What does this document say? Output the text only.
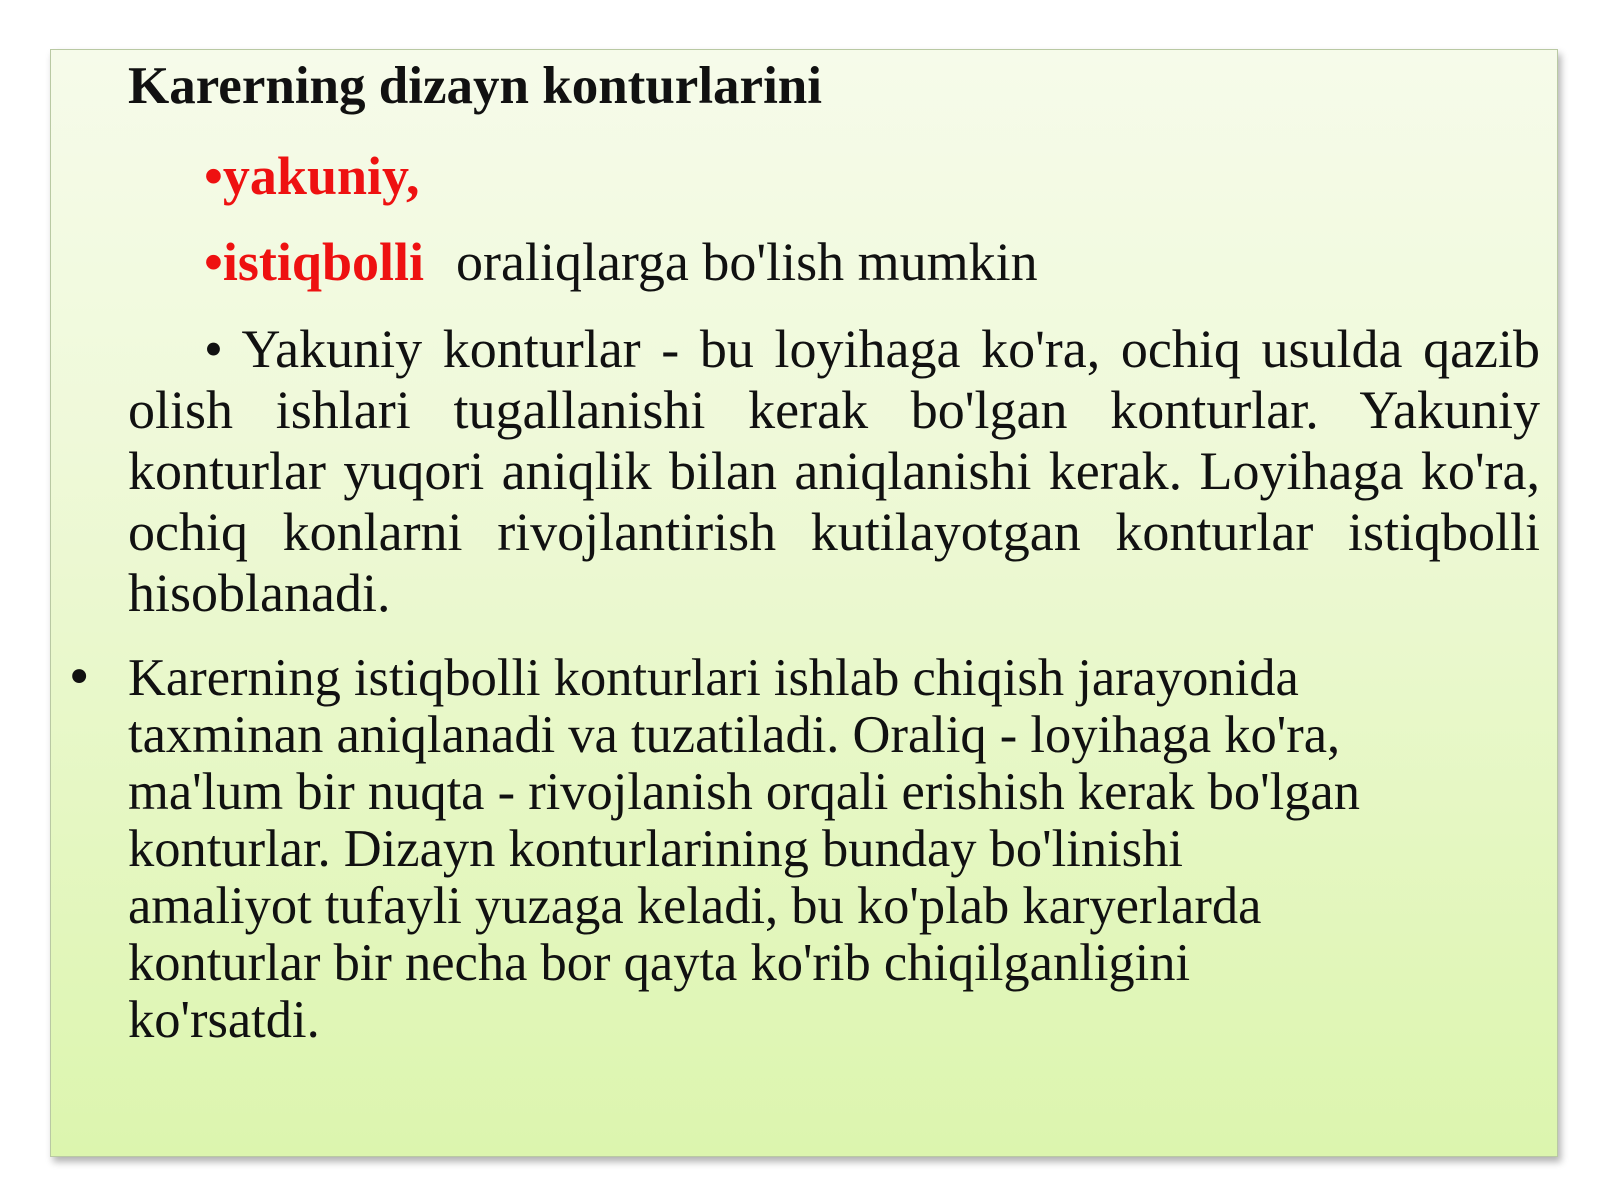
Karerning dizayn konturlarini
•yakuniy,
•istiqbolli oraliqlarga bo'lish mumkin

• Yakuniy konturlar - bu loyihaga ko'ra, ochiq usulda qazib olish ishlari tugallanishi kerak bo'lgan konturlar. Yakuniy konturlar yuqori aniqlik bilan aniqlanishi kerak. Loyihaga ko'ra, ochiq konlarni rivojlantirish kutilayotgan konturlar istiqbolli hisoblanadi.

• Karerning istiqbolli konturlari ishlab chiqish jarayonida
taxminan aniqlanadi va tuzatiladi. Oraliq - loyihaga ko'ra,
ma'lum bir nuqta - rivojlanish orqali erishish kerak bo'lgan
konturlar. Dizayn konturlarining bunday bo'linishi
amaliyot tufayli yuzaga keladi, bu ko'plab karyerlarda
konturlar bir necha bor qayta ko'rib chiqilganligini
ko'rsatdi.
